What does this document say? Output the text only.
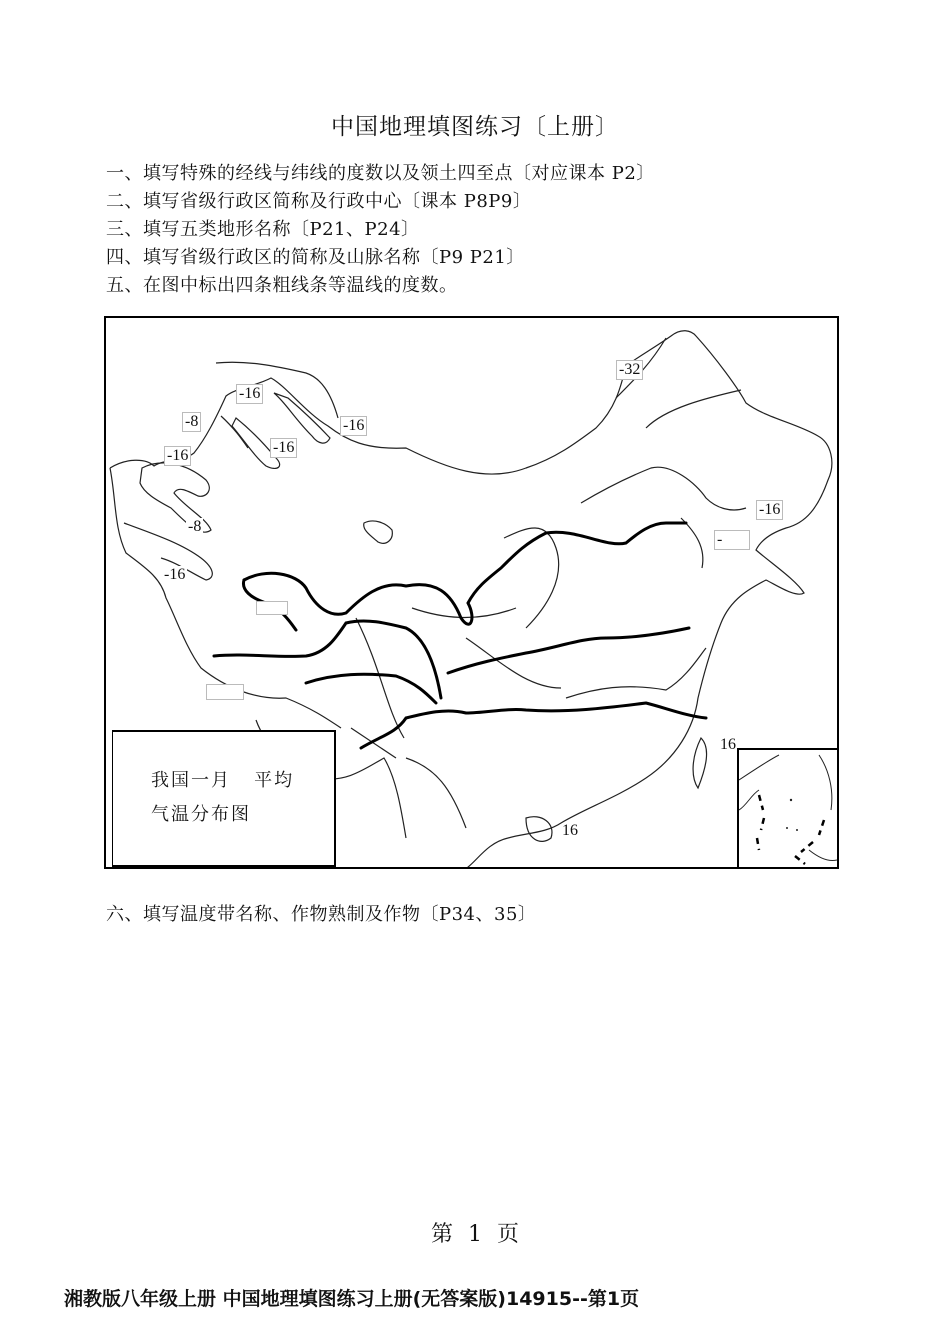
中国地理填图练习〔上册〕
一、填写特殊的经线与纬线的度数以及领土四至点〔对应课本 P2〕
二、填写省级行政区简称及行政中心〔课本 P8P9〕
三、填写五类地形名称〔P21、P24〕
四、填写省级行政区的简称及山脉名称〔P9 P21〕
五、在图中标出四条粗线条等温线的度数。
-32
-16
-8	-16
-16
-16
-8
-16
-16
-
16
16
我国一月   平均
气温分布图
六、填写温度带名称、作物熟制及作物〔P34、35〕
第 1 页
湘教版八年级上册 中国地理填图练习上册(无答案版)14915--第1页
